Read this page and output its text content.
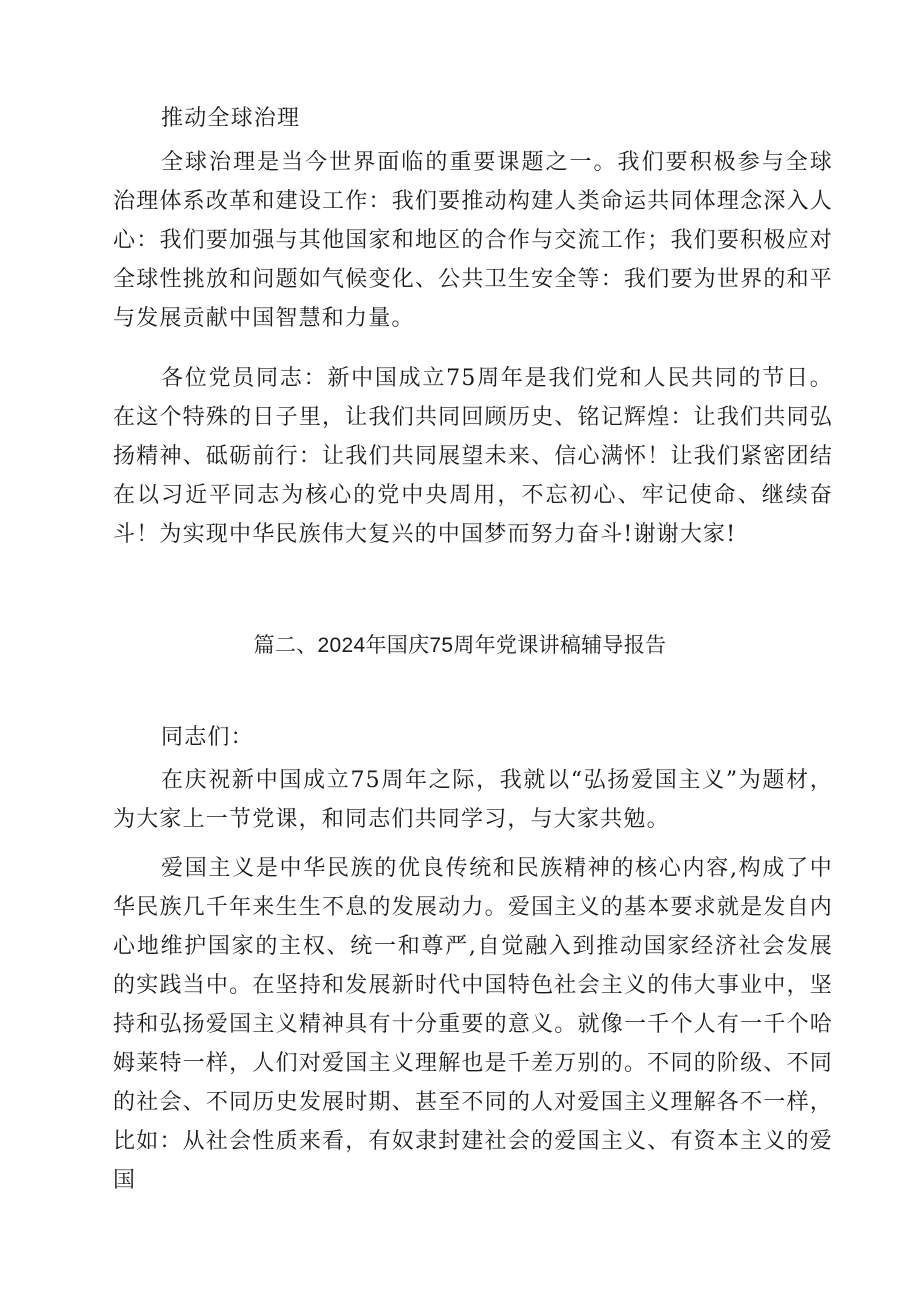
推动全球治理

全球治理是当今世界面临的重要课题之一。我们要积极参与全球治理体系改革和建设工作：我们要推动构建人类命运共同体理念深入人心：我们要加强与其他国家和地区的合作与交流工作；我们要积极应对全球性挑放和问题如气候变化、公共卫生安全等：我们要为世界的和平与发展贡献中国智慧和力量。

各位党员同志：新中国成立75周年是我们党和人民共同的节日。在这个特殊的日子里，让我们共同回顾历史、铭记辉煌：让我们共同弘扬精神、砥砺前行：让我们共同展望未来、信心满怀！让我们紧密团结在以习近平同志为核心的党中央周用，不忘初心、牢记使命、继续奋斗！为实现中华民族伟大复兴的中国梦而努力奋斗!谢谢大家!

篇二、2024年国庆75周年党课讲稿辅导报告

同志们：

在庆祝新中国成立75周年之际，我就以“弘扬爱国主义”为题材，为大家上一节党课，和同志们共同学习，与大家共勉。

爱国主义是中华民族的优良传统和民族精神的核心内容,构成了中华民族几千年来生生不息的发展动力。爱国主义的基本要求就是发自内心地维护国家的主权、统一和尊严,自觉融入到推动国家经济社会发展的实践当中。在坚持和发展新时代中国特色社会主义的伟大事业中，坚持和弘扬爱国主义精神具有十分重要的意义。就像一千个人有一千个哈姆莱特一样，人们对爱国主义理解也是千差万别的。不同的阶级、不同的社会、不同历史发展时期、甚至不同的人对爱国主义理解各不一样，比如：从社会性质来看，有奴隶封建社会的爱国主义、有资本主义的爱国
